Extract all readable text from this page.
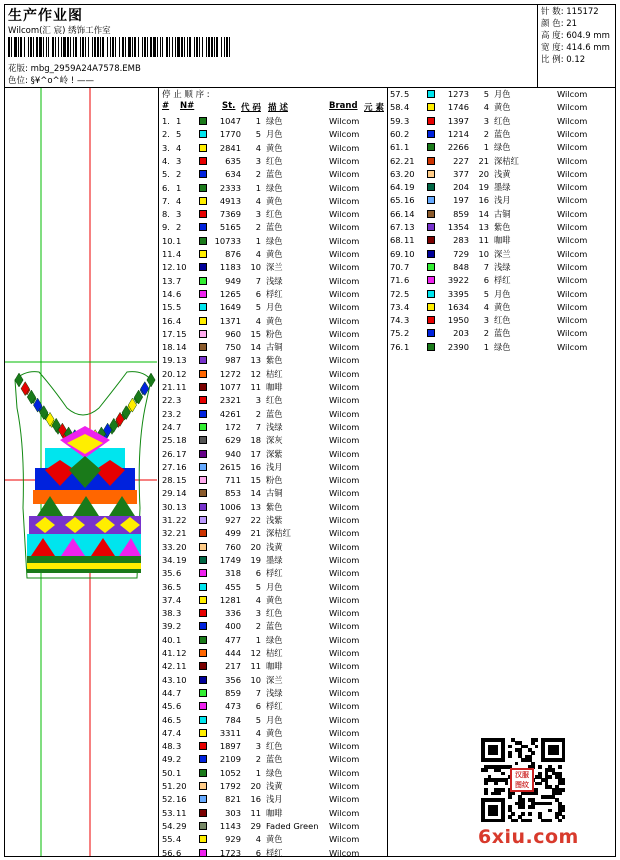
生产作业图
Wilcom(汇 宸) 绣饰工作室
花版: mbg_2959A24A7578.EMB
色位: §¥^o^岭 ! ——
针 数: 115172
颜 色: 21
高 度: 604.9 mm
宽 度: 414.6 mm
比 例: 0.12
停 止 顺 序 :
# N#	St. 代 码 描 述	Brand 元 素
1. 1	1047 1 绿色	Wilcom
2. 5	1770 5 月色	Wilcom
3. 4	2841 4 黄色	Wilcom
4. 3	635 3 红色	Wilcom
5. 2	634 2 蓝色	Wilcom
6. 1	2333 1 绿色	Wilcom
7. 4	4913 4 黄色	Wilcom
8. 3	7369 3 红色	Wilcom
9. 2	5165 2 蓝色	Wilcom
10. 1	10733 1 绿色	Wilcom
11. 4	876 4 黄色	Wilcom
12. 10	1183 10 深兰	Wilcom
13. 7	949 7 浅绿	Wilcom
14. 6	1265 6 桴红	Wilcom
15. 5	1649 5 月色	Wilcom
16. 4	1371 4 黄色	Wilcom
17. 15	960 15 粉色	Wilcom
18. 14	750 14 古铜	Wilcom
19. 13	987 13 紫色	Wilcom
20. 12	1272 12 桔红	Wilcom
21. 11	1077 11 咖啡	Wilcom
22. 3	2321 3 红色	Wilcom
23. 2	4261 2 蓝色	Wilcom
24. 7	172 7 浅绿	Wilcom
25. 18	629 18 深灰	Wilcom
26. 17	940 17 深紫	Wilcom
27. 16	2615 16 浅月	Wilcom
28. 15	711 15 粉色	Wilcom
29. 14	853 14 古铜	Wilcom
30. 13	1006 13 紫色	Wilcom
31. 22	927 22 浅紫	Wilcom
32. 21	499 21 深桔红	Wilcom
33. 20	760 20 浅黄	Wilcom
34. 19	1749 19 墨绿	Wilcom
35. 6	318 6 桴红	Wilcom
36. 5	455 5 月色	Wilcom
37. 4	1281 4 黄色	Wilcom
38. 3	336 3 红色	Wilcom
39. 2	400 2 蓝色	Wilcom
40. 1	477 1 绿色	Wilcom
41. 12	444 12 桔红	Wilcom
42. 11	217 11 咖啡	Wilcom
43. 10	356 10 深兰	Wilcom
44. 7	859 7 浅绿	Wilcom
45. 6	473 6 桴红	Wilcom
46. 5	784 5 月色	Wilcom
47. 4	3311 4 黄色	Wilcom
48. 3	1897 3 红色	Wilcom
49. 2	2109 2 蓝色	Wilcom
50. 1	1052 1 绿色	Wilcom
51. 20	1792 20 浅黄	Wilcom
52. 16	821 16 浅月	Wilcom
53. 11	303 11 咖啡	Wilcom
54. 29	1143 29 Faded Green Wilcom
55. 4	929 4 黄色	Wilcom
56. 6	1723 6 桴红	Wilcom
57. 5	1273 5 月色	Wilcom
58. 4	1746 4 黄色	Wilcom
59. 3	1397 3 红色	Wilcom
60. 2	1214 2 蓝色	Wilcom
61. 1	2266 1 绿色	Wilcom
62. 21	227 21 深桔红	Wilcom
63. 20	377 20 浅黄	Wilcom
64. 19	204 19 墨绿	Wilcom
65. 16	197 16 浅月	Wilcom
66. 14	859 14 古铜	Wilcom
67. 13	1354 13 紫色	Wilcom
68. 11	283 11 咖啡	Wilcom
69. 10	729 10 深兰	Wilcom
70. 7	848 7 浅绿	Wilcom
71. 6	3922 6 桴红	Wilcom
72. 5	3395 5 月色	Wilcom
73. 4	1634 4 黄色	Wilcom
74. 3	1950 3 红色	Wilcom
75. 2	203 2 蓝色	Wilcom
76. 1	2390 1 绿色	Wilcom
汉服图纹
6xiu.com
